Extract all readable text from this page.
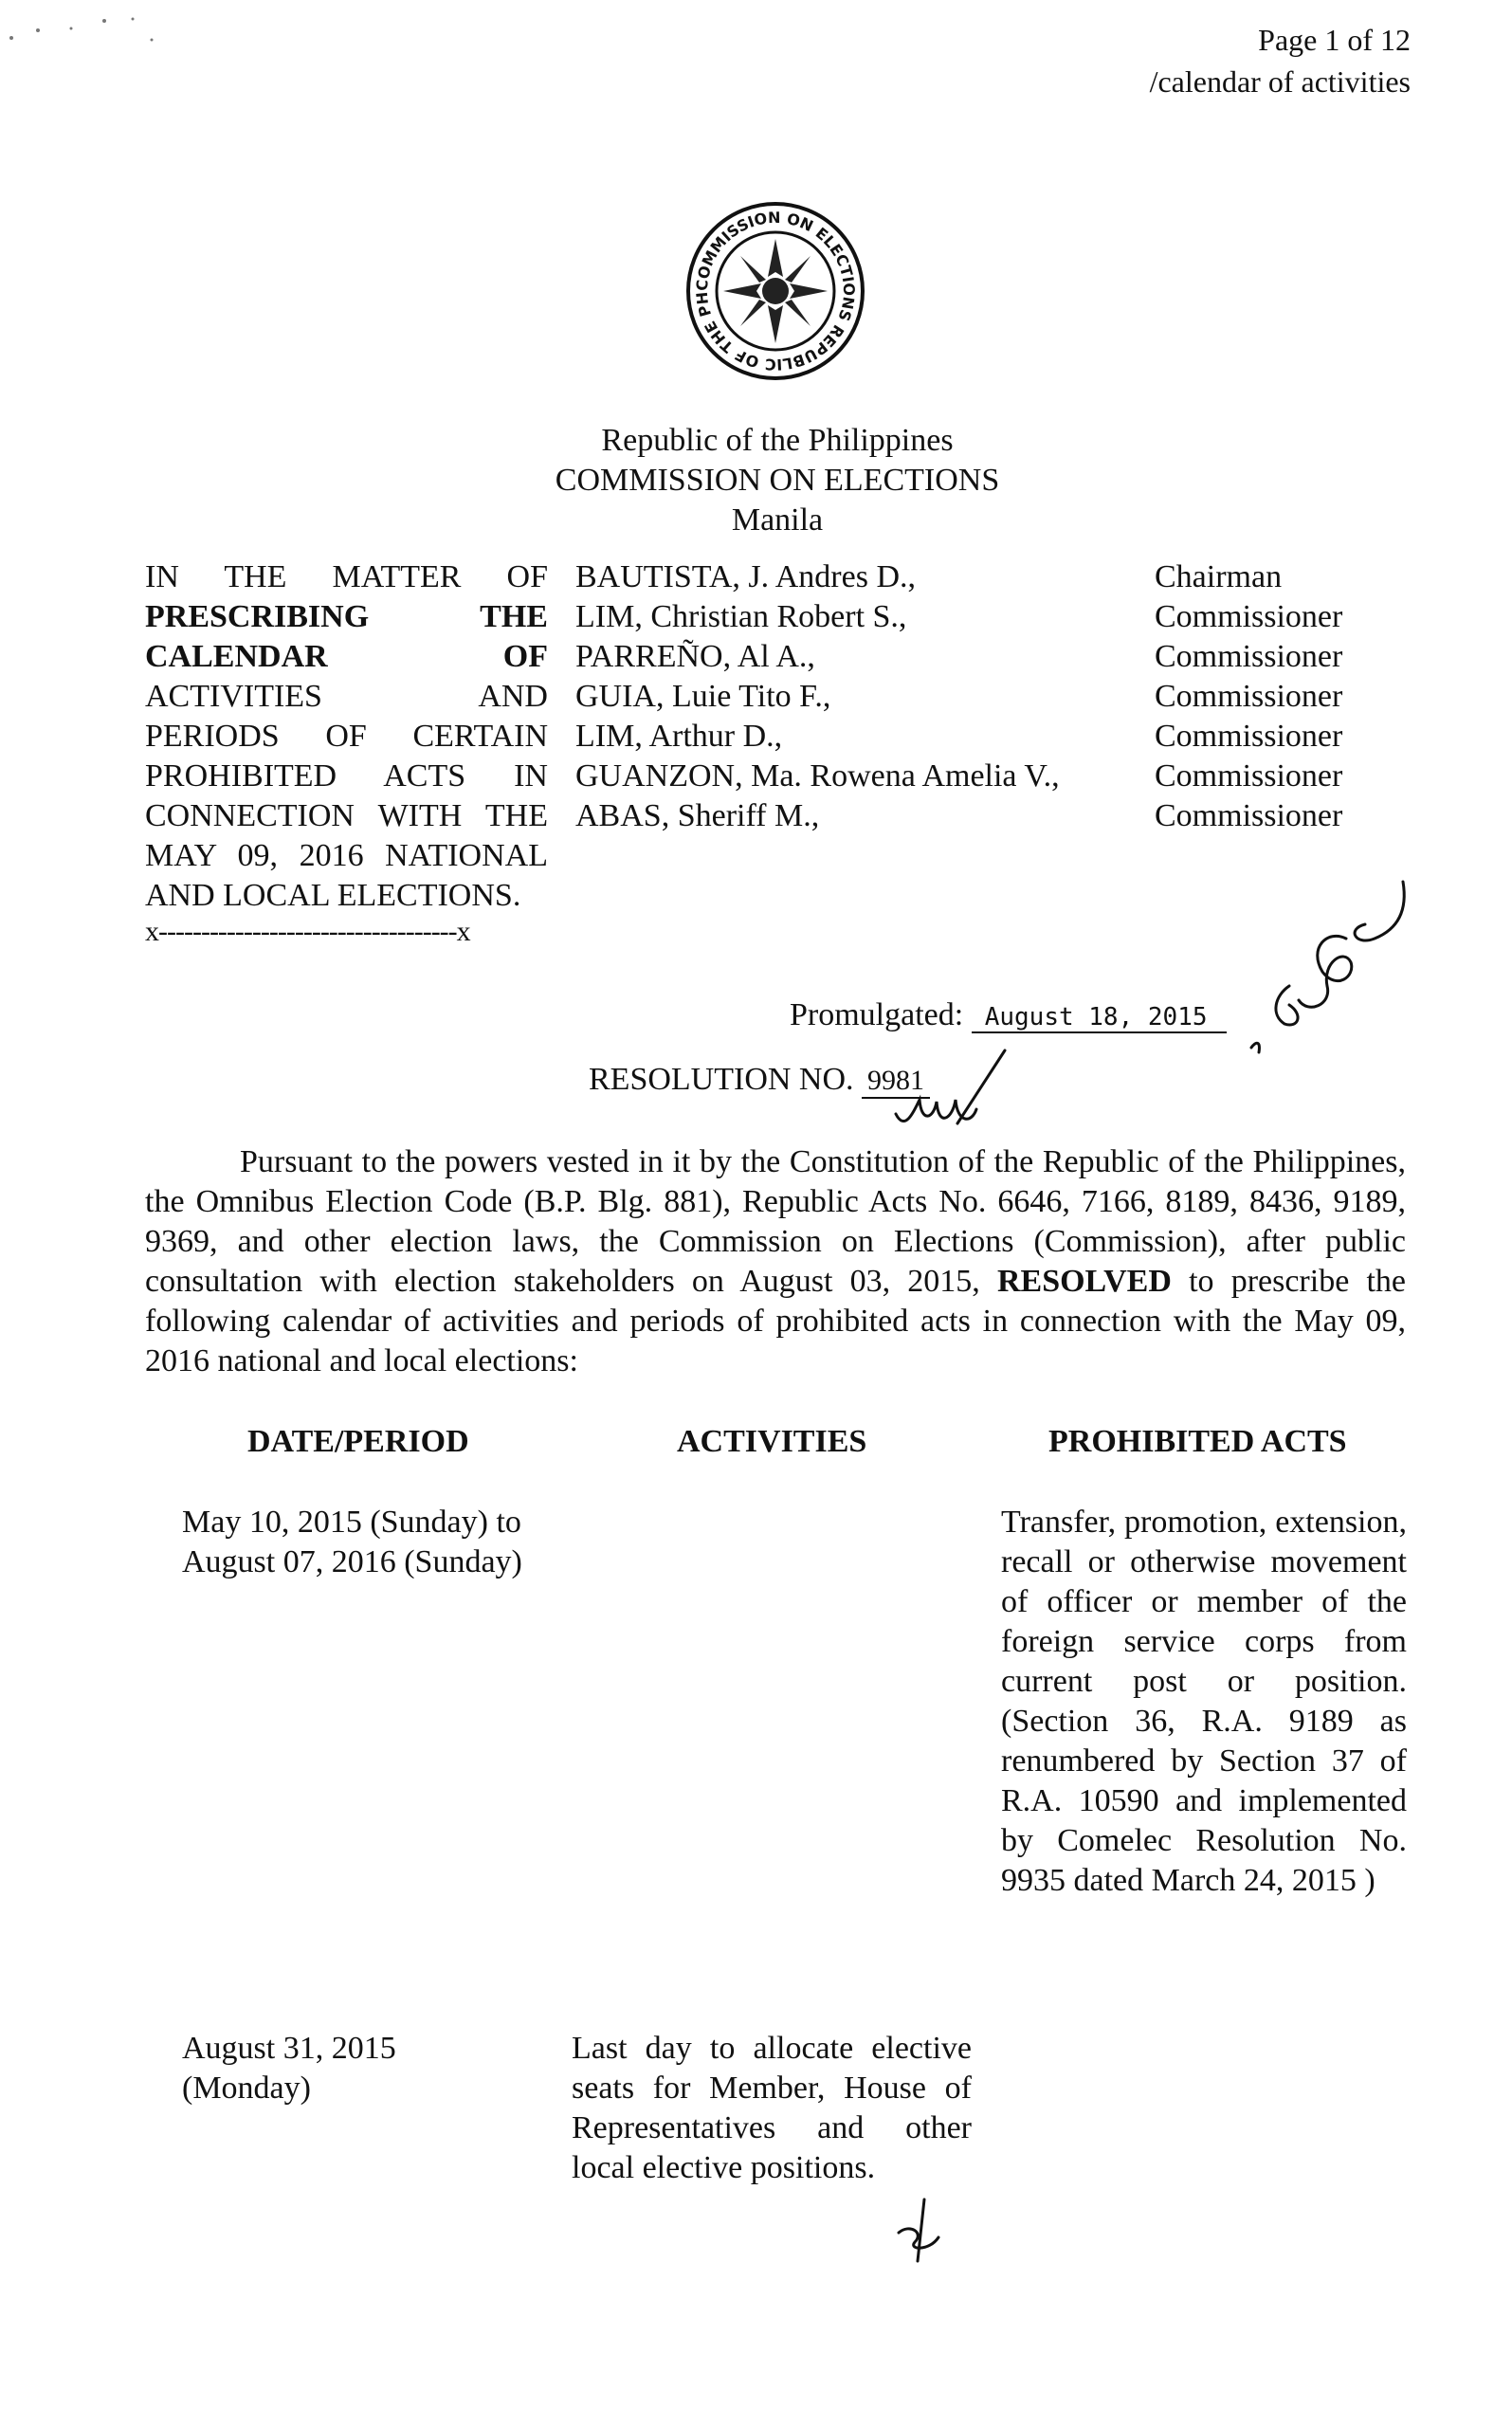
Page 1 of 12
/calendar of activities
COMMISSION ON ELECTIONS REPUBLIC OF THE PH
Republic of the Philippines
COMMISSION ON ELECTIONS
Manila
IN THE MATTER OF
PRESCRIBING THE
CALENDAR OF
ACTIVITIES AND
PERIODS OF CERTAIN
PROHIBITED ACTS IN
CONNECTION WITH THE
MAY 09, 2016 NATIONAL
AND LOCAL ELECTIONS.
x-----------------------------------x
BAUTISTA, J. Andres D.,
LIM, Christian Robert S.,
PARREÑO, Al A.,
GUIA, Luie Tito F.,
LIM, Arthur D.,
GUANZON, Ma. Rowena Amelia V.,
ABAS, Sheriff M.,
Chairman
Commissioner
Commissioner
Commissioner
Commissioner
Commissioner
Commissioner
Promulgated: August 18, 2015
RESOLUTION NO. 9981
Pursuant to the powers vested in it by the Constitution of the Republic of the Philippines, the Omnibus Election Code (B.P. Blg. 881), Republic Acts No. 6646, 7166, 8189, 8436, 9189, 9369, and other election laws, the Commission on Elections (Commission), after public consultation with election stakeholders on August 03, 2015, RESOLVED to prescribe the following calendar of activities and periods of prohibited acts in connection with the May 09, 2016 national and local elections:
DATE/PERIOD	ACTIVITIES	PROHIBITED ACTS
May 10, 2015 (Sunday) to August 07, 2016 (Sunday)
Transfer, promotion, extension, recall or otherwise movement of officer or member of the foreign service corps from current post or position.(Section 36, R.A. 9189 as renumbered by Section 37 of R.A. 10590 and implemented by Comelec Resolution No. 9935 dated March 24, 2015 )
August 31, 2015 (Monday)
Last day to allocate elective seats for Member, House of Representatives and other local elective positions.
